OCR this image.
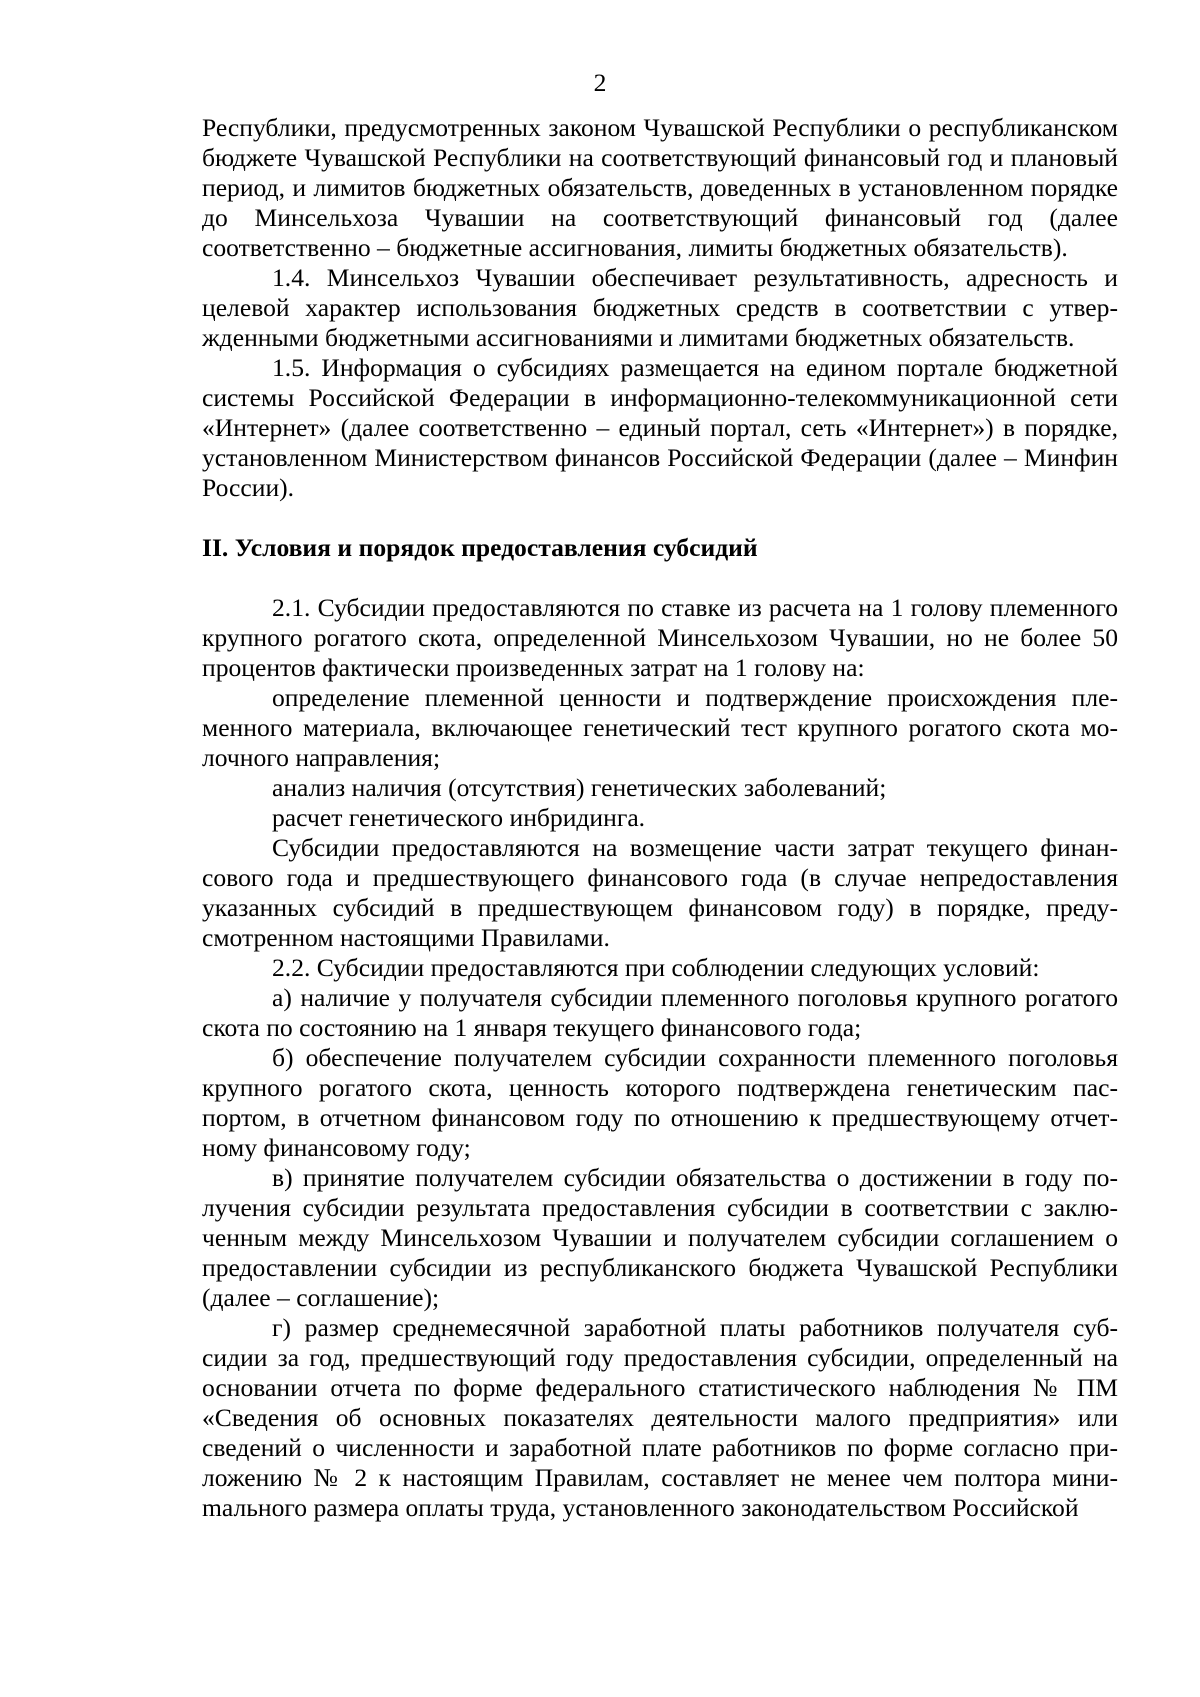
2

Республики, предусмотренных законом Чувашской Республики о республиканском бюджете Чувашской Республики на соответствующий финансовый год и плановый период, и лимитов бюджетных обязательств, доведенных в установленном порядке до Минсельхоза Чувашии на соответствующий финансовый год (далее соответственно – бюджетные ассигнования, лимиты бюджетных обязательств).

1.4. Минсельхоз Чувашии обеспечивает результативность, адресность и целевой характер использования бюджетных средств в соответствии с утвержденными бюджетными ассигнованиями и лимитами бюджетных обязательств.

1.5. Информация о субсидиях размещается на едином портале бюджетной системы Российской Федерации в информационно-телекоммуникационной сети «Интернет» (далее соответственно – единый портал, сеть «Интернет») в порядке, установленном Министерством финансов Российской Федерации (далее – Минфин России).

II. Условия и порядок предоставления субсидий

2.1. Субсидии предоставляются по ставке из расчета на 1 голову племенного крупного рогатого скота, определенной Минсельхозом Чувашии, но не более 50 процентов фактически произведенных затрат на 1 голову на:

определение племенной ценности и подтверждение происхождения племенного материала, включающее генетический тест крупного рогатого скота молочного направления;

анализ наличия (отсутствия) генетических заболеваний;

расчет генетического инбридинга.

Субсидии предоставляются на возмещение части затрат текущего финансового года и предшествующего финансового года (в случае непредоставления указанных субсидий в предшествующем финансовом году) в порядке, предусмотренном настоящими Правилами.

2.2. Субсидии предоставляются при соблюдении следующих условий:

а) наличие у получателя субсидии племенного поголовья крупного рогатого скота по состоянию на 1 января текущего финансового года;

б) обеспечение получателем субсидии сохранности племенного поголовья крупного рогатого скота, ценность которого подтверждена генетическим паспортом, в отчетном финансовом году по отношению к предшествующему отчетному финансовому году;

в) принятие получателем субсидии обязательства о достижении в году получения субсидии результата предоставления субсидии в соответствии с заключенным между Минсельхозом Чувашии и получателем субсидии соглашением о предоставлении субсидии из республиканского бюджета Чувашской Республики (далее – соглашение);

г) размер среднемесячной заработной платы работников получателя субсидии за год, предшествующий году предоставления субсидии, определенный на основании отчета по форме федерального статистического наблюдения № ПМ «Сведения об основных показателях деятельности малого предприятия» или сведений о численности и заработной плате работников по форме согласно приложению № 2 к настоящим Правилам, составляет не менее чем полтора миниmального размера оплаты труда, установленного законодательством Российской
